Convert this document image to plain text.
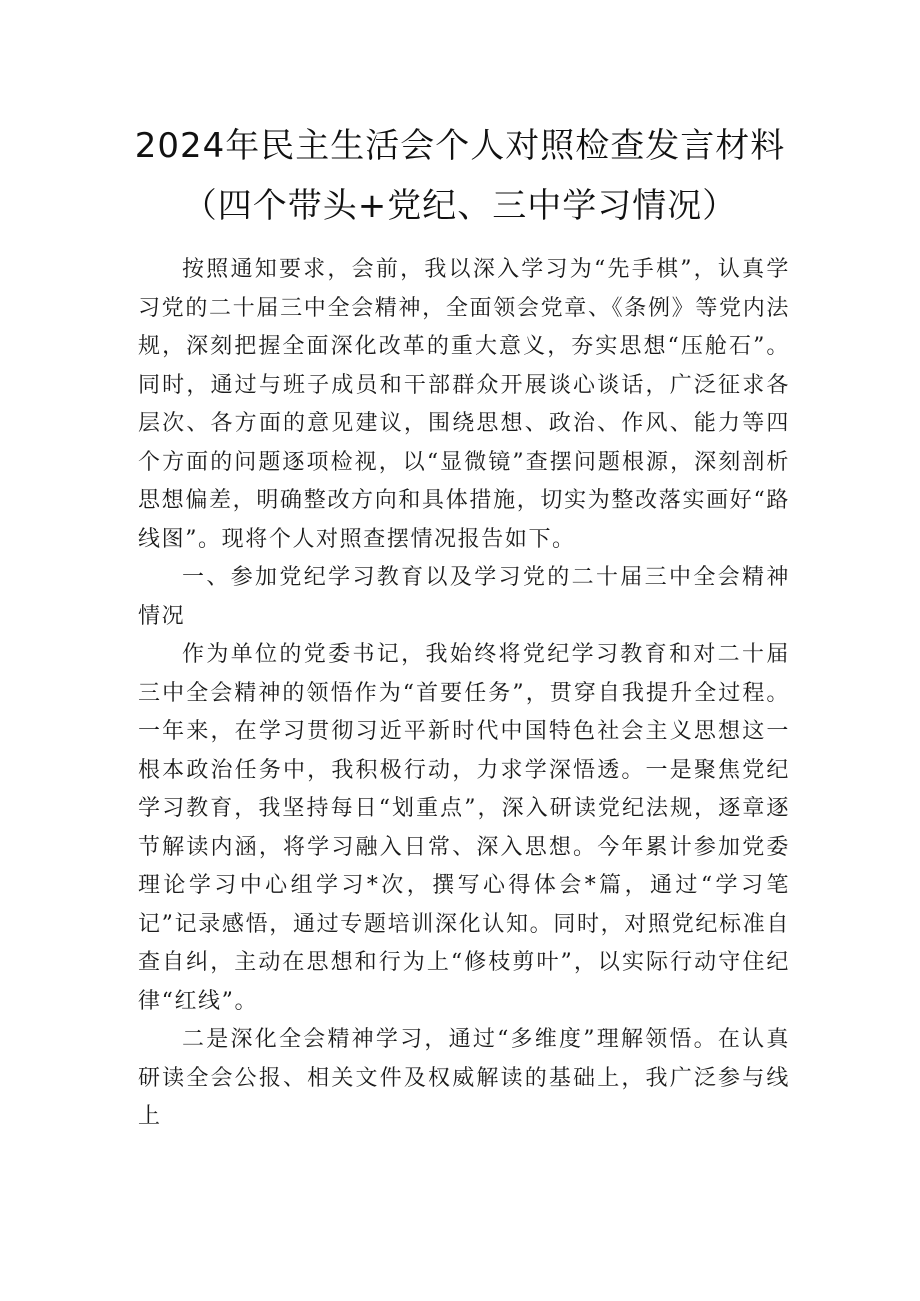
2024年民主生活会个人对照检查发言材料
（四个带头+党纪、三中学习情况）

按照通知要求，会前，我以深入学习为“先手棋”，认真学习党的二十届三中全会精神，全面领会党章、《条例》等党内法规，深刻把握全面深化改革的重大意义，夯实思想“压舱石”。同时，通过与班子成员和干部群众开展谈心谈话，广泛征求各层次、各方面的意见建议，围绕思想、政治、作风、能力等四个方面的问题逐项检视，以“显微镜”查摆问题根源，深刻剖析思想偏差，明确整改方向和具体措施，切实为整改落实画好“路线图”。现将个人对照查摆情况报告如下。

一、参加党纪学习教育以及学习党的二十届三中全会精神情况

作为单位的党委书记，我始终将党纪学习教育和对二十届三中全会精神的领悟作为“首要任务”，贯穿自我提升全过程。一年来，在学习贯彻习近平新时代中国特色社会主义思想这一根本政治任务中，我积极行动，力求学深悟透。一是聚焦党纪学习教育，我坚持每日“划重点”，深入研读党纪法规，逐章逐节解读内涵，将学习融入日常、深入思想。今年累计参加党委理论学习中心组学习*次，撰写心得体会*篇，通过“学习笔记”记录感悟，通过专题培训深化认知。同时，对照党纪标准自查自纠，主动在思想和行为上“修枝剪叶”，以实际行动守住纪律“红线”。

二是深化全会精神学习，通过“多维度”理解领悟。在认真研读全会公报、相关文件及权威解读的基础上，我广泛参与线上
